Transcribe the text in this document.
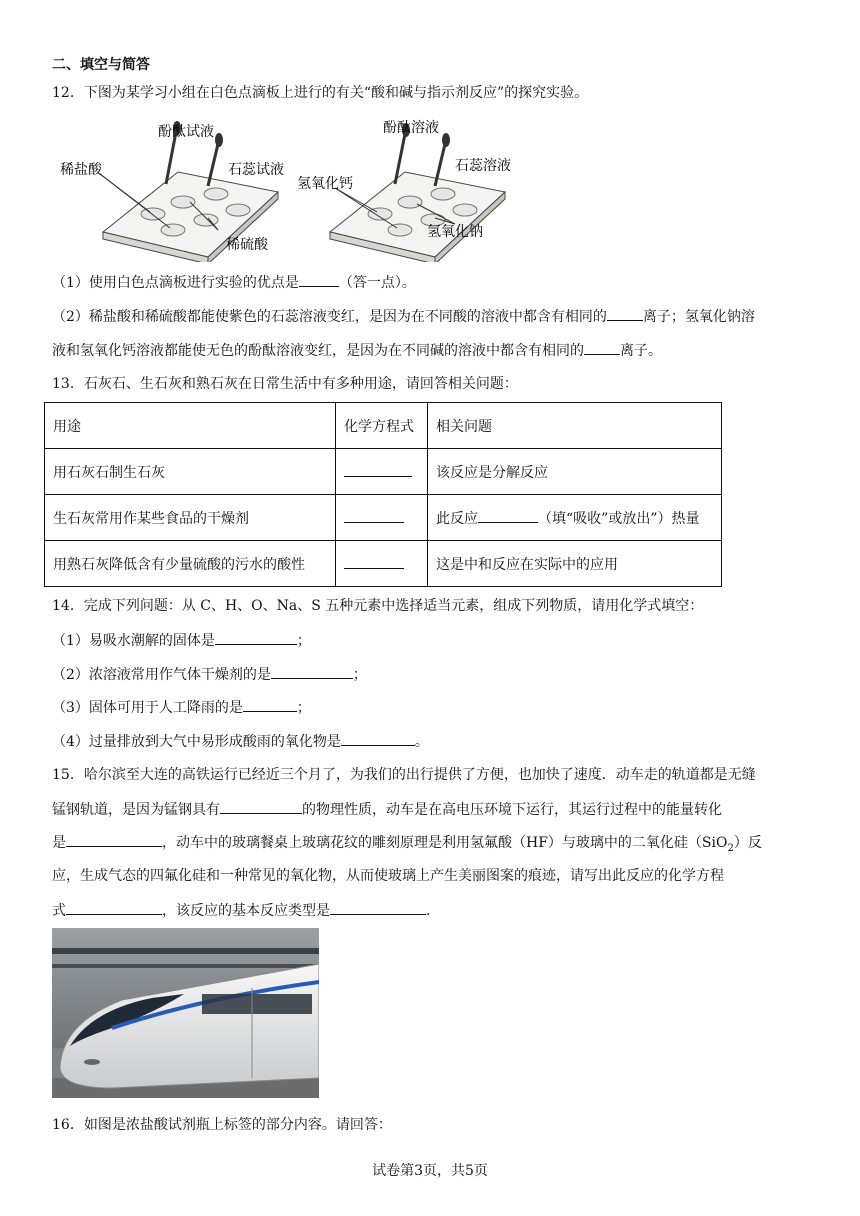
二、填空与简答
12．下图为某学习小组在白色点滴板上进行的有关“酸和碱与指示剂反应”的探究实验。
酚酞试液
稀盐酸	石蕊试液
稀硫酸
酚酞溶液
氢氧化钙
石蕊溶液
氢氧化钠
（1）使用白色点滴板进行实验的优点是	（答一点）。
（2）稀盐酸和稀硫酸都能使紫色的石蕊溶液变红，是因为在不同酸的溶液中都含有相同的	离子；氢氧化钠溶
液和氢氧化钙溶液都能使无色的酚酞溶液变红，是因为在不同碱的溶液中都含有相同的	离子。
13．石灰石、生石灰和熟石灰在日常生活中有多种用途，请回答相关问题：
用途	化学方程式	相关问题
用石灰石制生石灰		该反应是分解反应
生石灰常用作某些食品的干燥剂		此反应 （填“吸收”或放出”）热量
用熟石灰降低含有少量硫酸的污水的酸性		这是中和反应在实际中的应用
14．完成下列问题：从 C、H、O、Na、S 五种元素中选择适当元素，组成下列物质，请用化学式填空：
（1）易吸水潮解的固体是	；
（2）浓溶液常用作气体干燥剂的是	；
（3）固体可用于人工降雨的是	；
（4）过量排放到大气中易形成酸雨的氧化物是	。
15．哈尔滨至大连的高铁运行已经近三个月了，为我们的出行提供了方便，也加快了速度．动车走的轨道都是无缝
锰钢轨道，是因为锰钢具有	的物理性质，动车是在高电压环境下运行，其运行过程中的能量转化
是	，动车中的玻璃餐桌上玻璃花纹的雕刻原理是利用氢氟酸（HF）与玻璃中的二氧化硅（SiO$_2$）反
应，生成气态的四氟化硅和一种常见的氧化物，从而使玻璃上产生美丽图案的痕迹，请写出此反应的化学方程
式	，该反应的基本反应类型是	.
16．如图是浓盐酸试剂瓶上标签的部分内容。请回答：
试卷第3页，共5页
